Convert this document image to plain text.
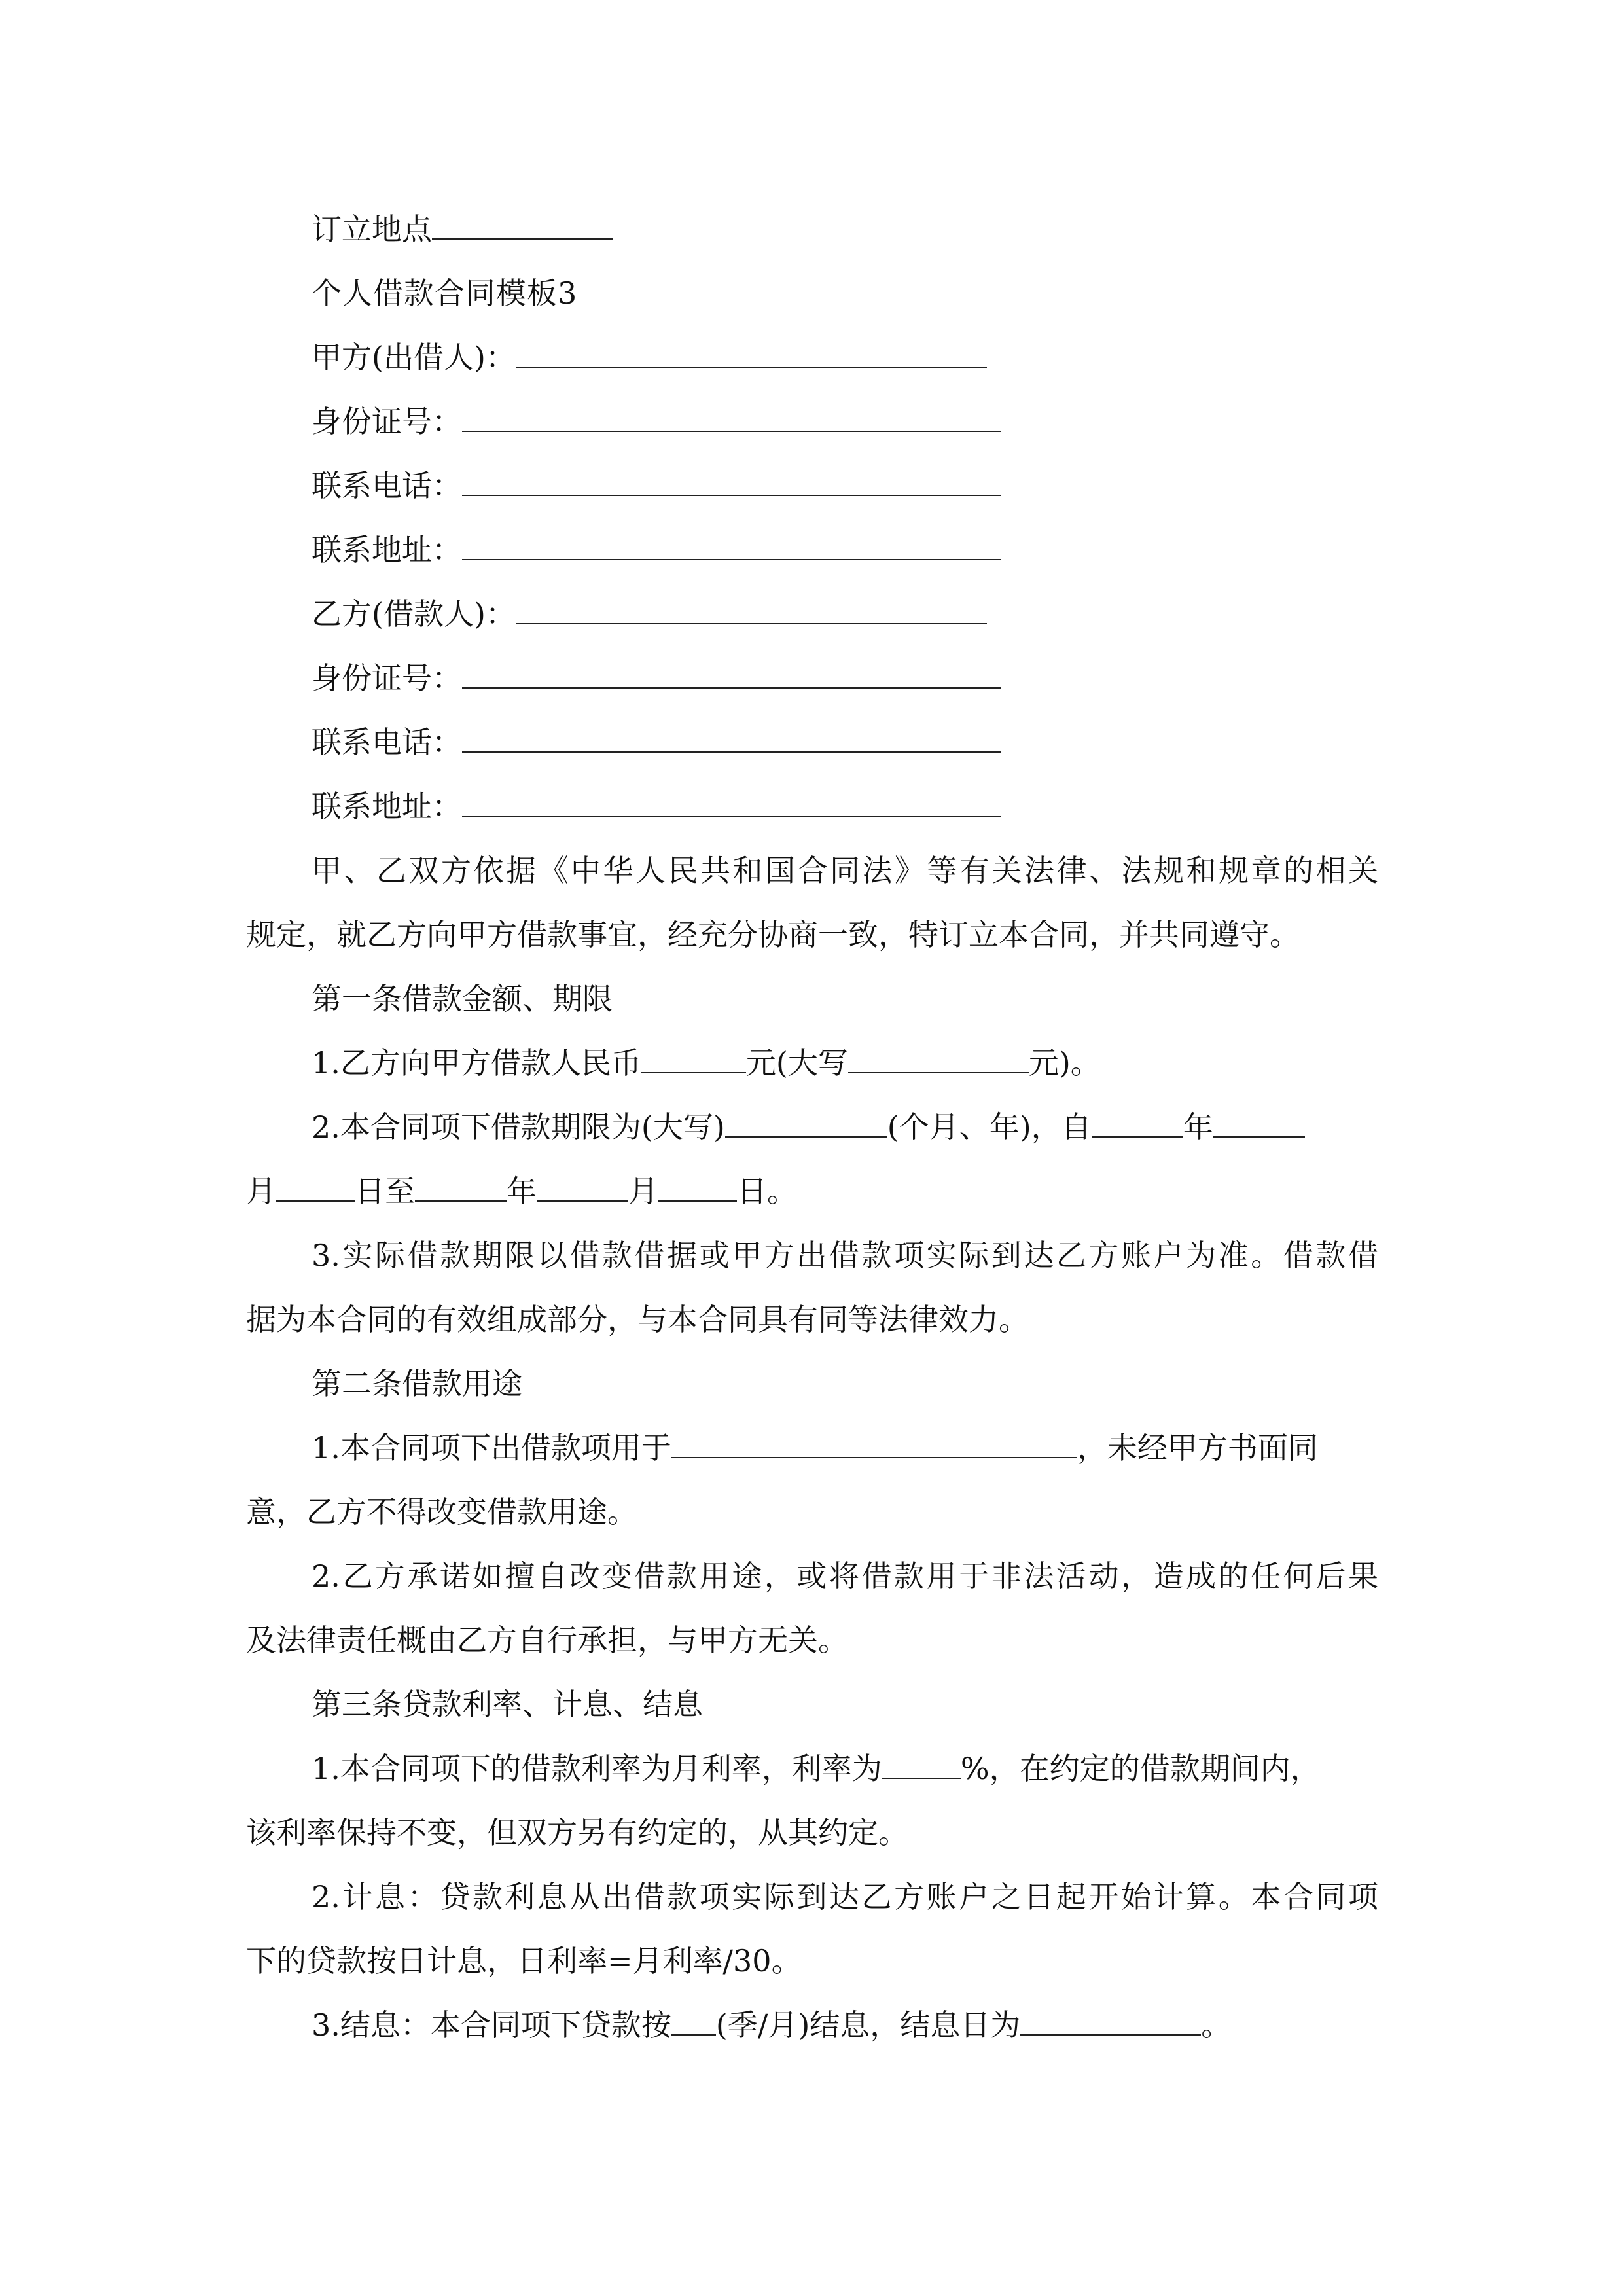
订立地点
个人借款合同模板3
甲方(出借人)：
身份证号：
联系电话：
联系地址：
乙方(借款人)：
身份证号：
联系电话：
联系地址：
甲、乙双方依据《中华人民共和国合同法》等有关法律、法规和规章的相关
规定，就乙方向甲方借款事宜，经充分协商一致，特订立本合同，并共同遵守。
第一条借款金额、期限
1.乙方向甲方借款人民币	元(大写	元)。
2.本合同项下借款期限为(大写)	(个月、年)，自	年
月	日至	年	月	日。
3.实际借款期限以借款借据或甲方出借款项实际到达乙方账户为准。借款借
据为本合同的有效组成部分，与本合同具有同等法律效力。
第二条借款用途
1.本合同项下出借款项用于	，未经甲方书面同
意，乙方不得改变借款用途。
2.乙方承诺如擅自改变借款用途，或将借款用于非法活动，造成的任何后果
及法律责任概由乙方自行承担，与甲方无关。
第三条贷款利率、计息、结息
1.本合同项下的借款利率为月利率，利率为	%，在约定的借款期间内，
该利率保持不变，但双方另有约定的，从其约定。
2.计息：贷款利息从出借款项实际到达乙方账户之日起开始计算。本合同项
下的贷款按日计息，日利率=月利率/30。
3.结息：本合同项下贷款按 (季/月)结息，结息日为	。
